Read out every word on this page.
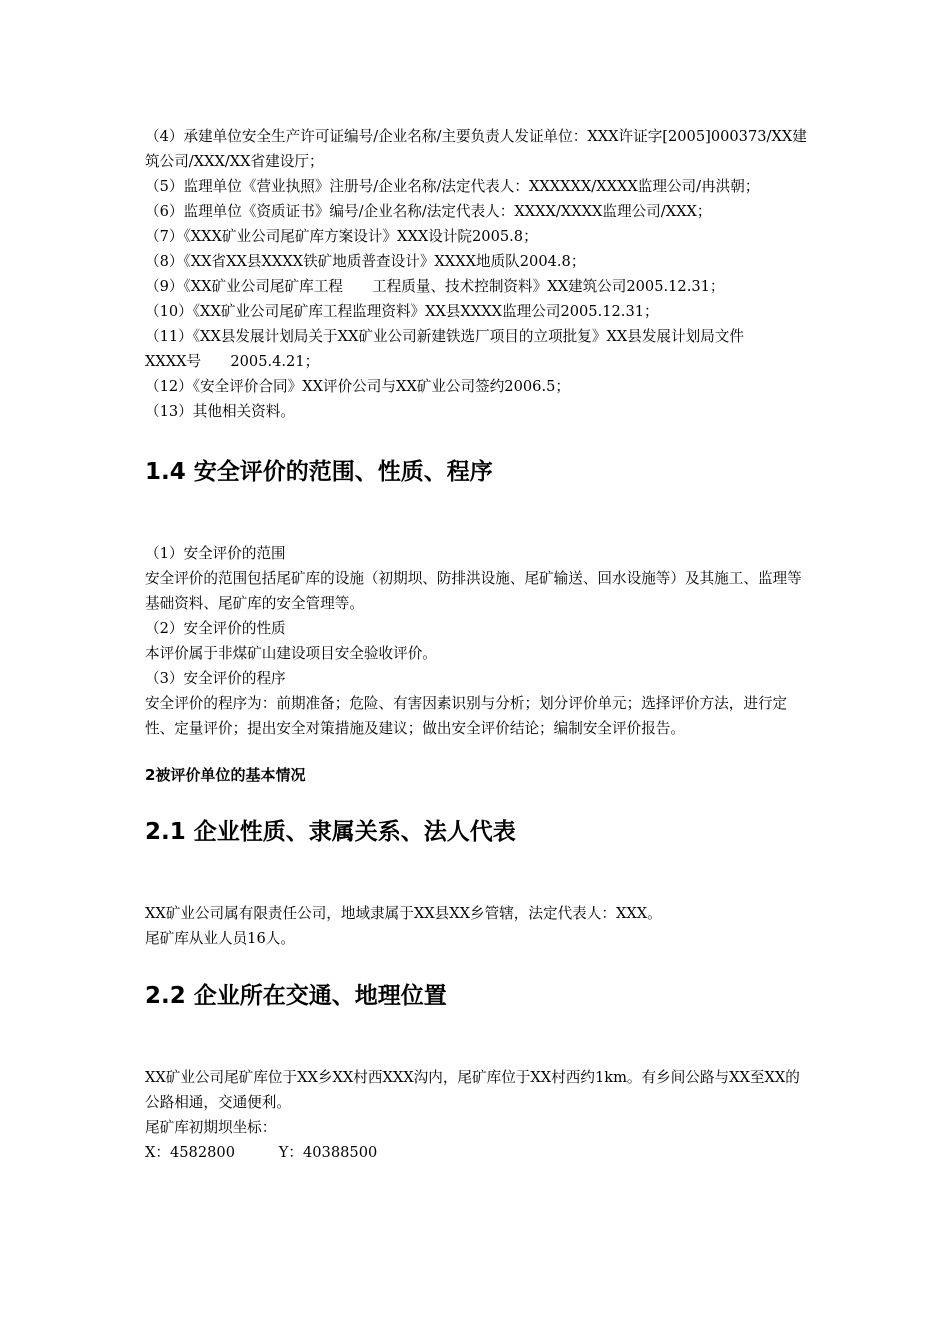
（4）承建单位安全生产许可证编号/企业名称/主要负责人发证单位：XXX许证字[2005]000373/XX建筑公司/XXX/XX省建设厅；

（5）监理单位《营业执照》注册号/企业名称/法定代表人：XXXXXX/XXXX监理公司/冉洪朝；

（6）监理单位《资质证书》编号/企业名称/法定代表人：XXXX/XXXX监理公司/XXX；

（7）《XXX矿业公司尾矿库方案设计》XXX设计院2005.8；

（8）《XX省XX县XXXX铁矿地质普查设计》XXXX地质队2004.8；

（9）《XX矿业公司尾矿库工程　　工程质量、技术控制资料》XX建筑公司2005.12.31；

（10）《XX矿业公司尾矿库工程监理资料》XX县XXXX监理公司2005.12.31；

（11）《XX县发展计划局关于XX矿业公司新建铁选厂项目的立项批复》XX县发展计划局文件　　XXXX号　　2005.4.21；

（12）《安全评价合同》XX评价公司与XX矿业公司签约2006.5；

（13）其他相关资料。

1.4 安全评价的范围、性质、程序

（1）安全评价的范围

安全评价的范围包括尾矿库的设施（初期坝、防排洪设施、尾矿输送、回水设施等）及其施工、监理等基础资料、尾矿库的安全管理等。

（2）安全评价的性质

本评价属于非煤矿山建设项目安全验收评价。

（3）安全评价的程序

安全评价的程序为：前期准备；危险、有害因素识别与分析；划分评价单元；选择评价方法，进行定性、定量评价；提出安全对策措施及建议；做出安全评价结论；编制安全评价报告。

2被评价单位的基本情况
2.1 企业性质、隶属关系、法人代表

XX矿业公司属有限责任公司，地域隶属于XX县XX乡管辖，法定代表人：XXX。

尾矿库从业人员16人。

2.2 企业所在交通、地理位置

XX矿业公司尾矿库位于XX乡XX村西XXX沟内，尾矿库位于XX村西约1km。有乡间公路与XX至XX的公路相通，交通便利。

尾矿库初期坝坐标：

X：4582800　　　Y：40388500
